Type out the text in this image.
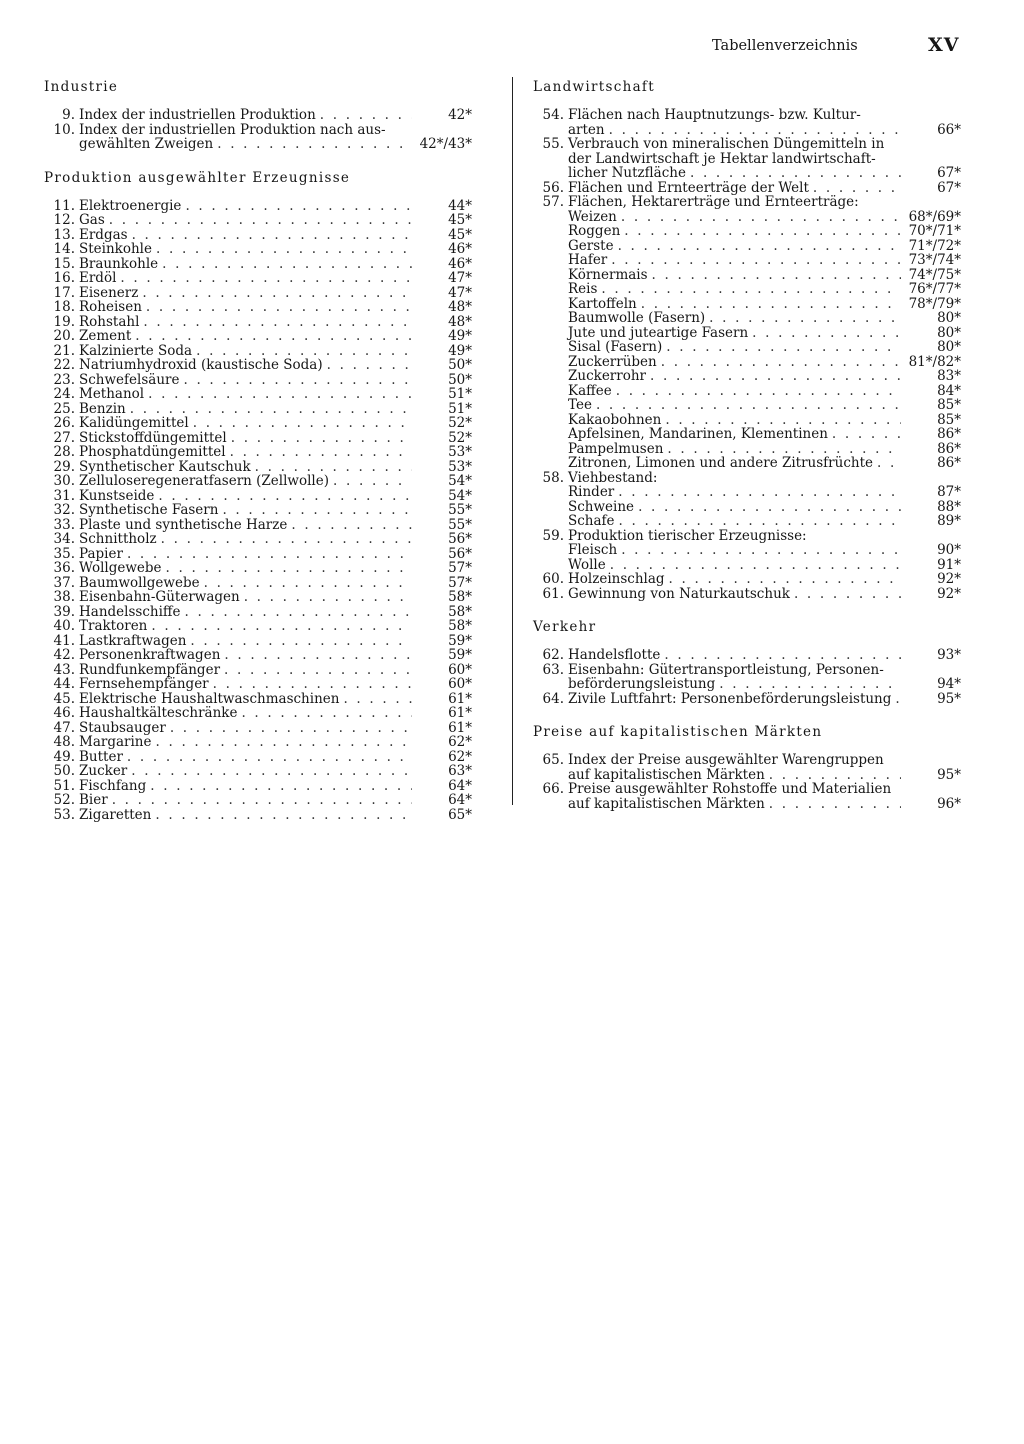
Tabellenverzeichnis	XV
Industrie
9. Index der industriellen Produktion . . .	42*
10. Index der industriellen Produktion nach aus-
gewählten Zweigen . . .	42*/43*
Produktion ausgewählter Erzeugnisse
11. Elektroenergie . . .	44*
12. Gas . . .	45*
13. Erdgas . . .	45*
14. Steinkohle . . .	46*
15. Braunkohle . . .	46*
16. Erdöl . . .	47*
17. Eisenerz . . .	47*
18. Roheisen . . .	48*
19. Rohstahl . . .	48*
20. Zement . . .	49*
21. Kalzinierte Soda . . .	49*
22. Natriumhydroxid (kaustische Soda) . . .	50*
23. Schwefelsäure . . .	50*
24. Methanol . . .	51*
25. Benzin . . .	51*
26. Kalidüngemittel . . .	52*
27. Stickstoffdüngemittel . . .	52*
28. Phosphatdüngemittel . . .	53*
29. Synthetischer Kautschuk . . .	53*
30. Zelluloseregeneratfasern (Zellwolle) . . .	54*
31. Kunstseide . . .	54*
32. Synthetische Fasern . . .	55*
33. Plaste und synthetische Harze . . .	55*
34. Schnittholz . . .	56*
35. Papier . . .	56*
36. Wollgewebe . . .	57*
37. Baumwollgewebe . . .	57*
38. Eisenbahn-Güterwagen . . .	58*
39. Handelsschiffe . . .	58*
40. Traktoren . . .	58*
41. Lastkraftwagen . . .	59*
42. Personenkraftwagen . . .	59*
43. Rundfunkempfänger . . .	60*
44. Fernsehempfänger . . .	60*
45. Elektrische Haushaltwaschmaschinen . . .	61*
46. Haushaltkälteschränke . . .	61*
47. Staubsauger . . .	61*
48. Margarine . . .	62*
49. Butter . . .	62*
50. Zucker . . .	63*
51. Fischfang . . .	64*
52. Bier . . .	64*
53. Zigaretten . . .	65*
Landwirtschaft
54. Flächen nach Hauptnutzungs- bzw. Kultur-
arten . . .	66*
55. Verbrauch von mineralischen Düngemitteln in
der Landwirtschaft je Hektar landwirtschaft-
licher Nutzfläche . . .	67*
56. Flächen und Ernteerträge der Welt . . .	67*
57. Flächen, Hektarerträge und Ernteerträge:
Weizen . . .	68*/69*
Roggen . . .	70*/71*
Gerste . . .	71*/72*
Hafer . . .	73*/74*
Körnermais . . .	74*/75*
Reis . . .	76*/77*
Kartoffeln . . .	78*/79*
Baumwolle (Fasern) . . .	80*
Jute und juteartige Fasern . . .	80*
Sisal (Fasern) . . .	80*
Zuckerrüben . . .	81*/82*
Zuckerrohr . . .	83*
Kaffee . . .	84*
Tee . . .	85*
Kakaobohnen . . .	85*
Apfelsinen, Mandarinen, Klementinen . . .	86*
Pampelmusen . . .	86*
Zitronen, Limonen und andere Zitrusfrüchte . . .	86*
58. Viehbestand:
Rinder . . .	87*
Schweine . . .	88*
Schafe . . .	89*
59. Produktion tierischer Erzeugnisse:
Fleisch . . .	90*
Wolle . . .	91*
60. Holzeinschlag . . .	92*
61. Gewinnung von Naturkautschuk . . .	92*
Verkehr
62. Handelsflotte . . .	93*
63. Eisenbahn: Gütertransportleistung, Personen-
beförderungsleistung . . .	94*
64. Zivile Luftfahrt: Personenbeförderungsleistung . . .	95*
Preise auf kapitalistischen Märkten
65. Index der Preise ausgewählter Warengruppen
auf kapitalistischen Märkten . . .	95*
66. Preise ausgewählter Rohstoffe und Materialien
auf kapitalistischen Märkten . . .	96*
